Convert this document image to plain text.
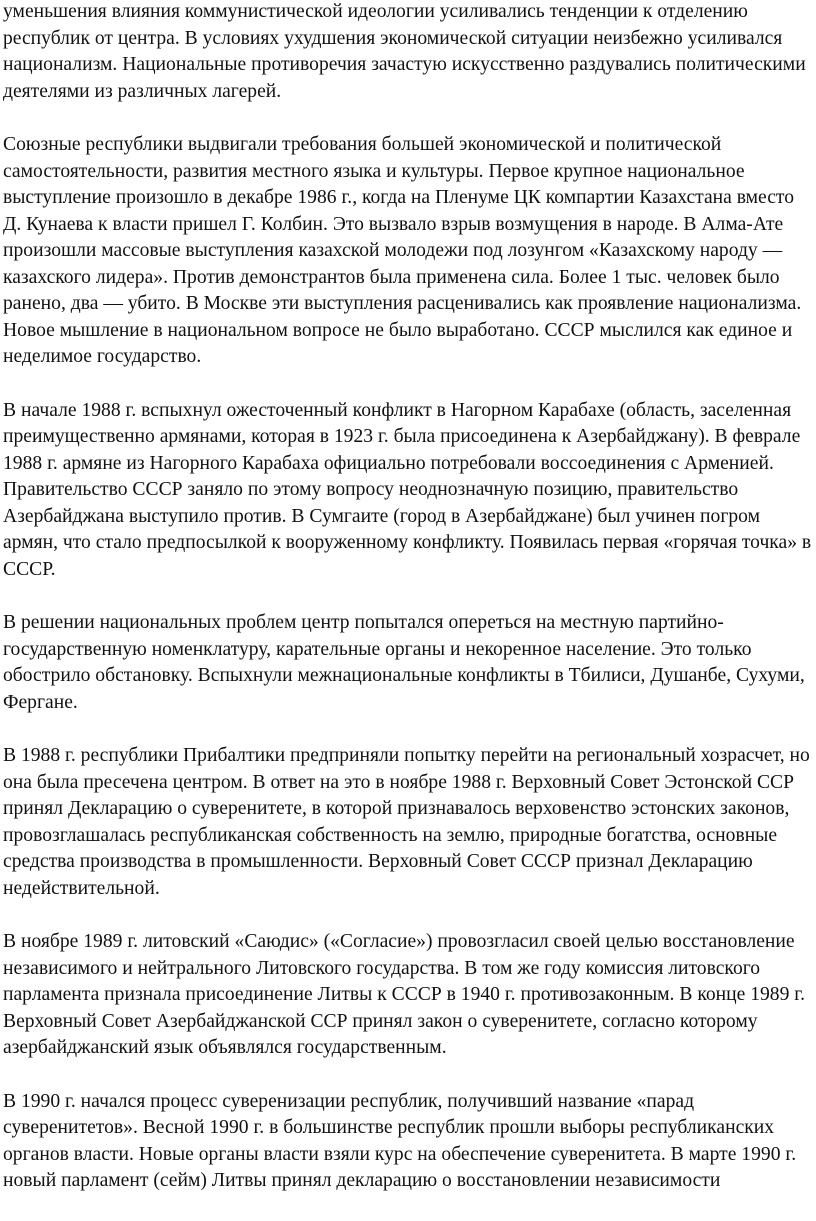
уменьшения влияния коммунистической идеологии усиливались тенденции к отделению республик от центра. В условиях ухудшения экономической ситуации неизбежно усиливался национализм. Национальные противоречия зачастую искусственно раздувались политическими деятелями из различных лагерей.

Союзные республики выдвигали требования большей экономической и политической самостоятельности, развития местного языка и культуры. Первое крупное национальное выступление произошло в декабре 1986 г., когда на Пленуме ЦК компартии Казахстана вместо Д. Кунаева к власти пришел Г. Колбин. Это вызвало взрыв возмущения в народе. В Алма-Ате произошли массовые выступления казахской молодежи под лозунгом «Казахскому народу — казахского лидера». Против демонстрантов была применена сила. Более 1 тыс. человек было ранено, два — убито. В Москве эти выступления расценивались как проявление национализма. Новое мышление в национальном вопросе не было выработано. СССР мыслился как единое и неделимое государство.

В начале 1988 г. вспыхнул ожесточенный конфликт в Нагорном Карабахе (область, заселенная преимущественно армянами, которая в 1923 г. была присоединена к Азербайджану). В феврале 1988 г. армяне из Нагорного Карабаха официально потребовали воссоединения с Арменией. Правительство СССР заняло по этому вопросу неоднозначную позицию, правительство Азербайджана выступило против. В Сумгаите (город в Азербайджане) был учинен погром армян, что стало предпосылкой к вооруженному конфликту. Появилась первая «горячая точка» в СССР.

В решении национальных проблем центр попытался опереться на местную партийно-государственную номенклатуру, карательные органы и некоренное население. Это только обострило обстановку. Вспыхнули межнациональные конфликты в Тбилиси, Душанбе, Сухуми, Фергане.

В 1988 г. республики Прибалтики предприняли попытку перейти на региональный хозрасчет, но она была пресечена центром. В ответ на это в ноябре 1988 г. Верховный Совет Эстонской ССР принял Декларацию о суверенитете, в которой признавалось верховенство эстонских законов, провозглашалась республиканская собственность на землю, природные богатства, основные средства производства в промышленности. Верховный Совет СССР признал Декларацию недействительной.

В ноябре 1989 г. литовский «Саюдис» («Согласие») провозгласил своей целью восстановление независимого и нейтрального Литовского государства. В том же году комиссия литовского парламента признала присоединение Литвы к СССР в 1940 г. противозаконным. В конце 1989 г. Верховный Совет Азербайджанской ССР принял закон о суверенитете, согласно которому азербайджанский язык объявлялся государственным.

В 1990 г. начался процесс суверенизации республик, получивший название «парад суверенитетов». Весной 1990 г. в большинстве республик прошли выборы республиканских органов власти. Новые органы власти взяли курс на обеспечение суверенитета. В марте 1990 г. новый парламент (сейм) Литвы принял декларацию о восстановлении независимости
